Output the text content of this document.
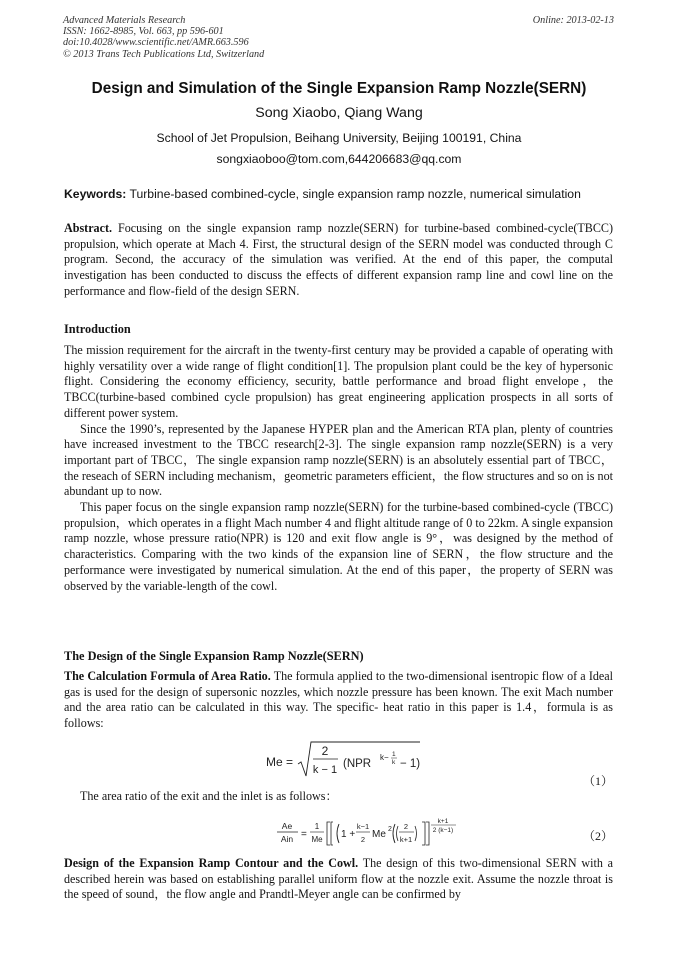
Advanced Materials Research
ISSN: 1662-8985, Vol. 663, pp 596-601
doi:10.4028/www.scientific.net/AMR.663.596
© 2013 Trans Tech Publications Ltd, Switzerland
Online: 2013-02-13
Design and Simulation of the Single Expansion Ramp Nozzle(SERN)
Song Xiaobo, Qiang Wang
School of Jet Propulsion, Beihang University, Beijing 100191, China
songxiaoboo@tom.com,644206683@qq.com
Keywords: Turbine-based combined-cycle, single expansion ramp nozzle, numerical simulation

Abstract. Focusing on the single expansion ramp nozzle(SERN) for turbine-based combined-cycle(TBCC) propulsion, which operate at Mach 4. First, the structural design of the SERN model was conducted through C program. Second, the accuracy of the simulation was verified. At the end of this paper, the computal investigation has been conducted to discuss the effects of different expansion ramp line and cowl line on the performance and flow-field of the design SERN.

Introduction

The mission requirement for the aircraft in the twenty-first century may be provided a capable of operating with highly versatility over a wide range of flight condition[1]. The propulsion plant could be the key of hypersonic flight. Considering the economy efficiency, security, battle performance and broad flight envelope，the TBCC(turbine-based combined cycle propulsion) has great engineering application prospects in all sorts of different power system.

Since the 1990’s, represented by the Japanese HYPER plan and the American RTA plan, plenty of countries have increased investment to the TBCC research[2-3]. The single expansion ramp nozzle(SERN) is a very important part of TBCC，The single expansion ramp nozzle(SERN) is an absolutely essential part of TBCC，the reseach of SERN including mechanism，geometric parameters efficient，the flow structures and so on is not abundant up to now.

This paper focus on the single expansion ramp nozzle(SERN) for the turbine-based combined-cycle (TBCC) propulsion，which operates in a flight Mach number 4 and flight altitude range of 0 to 22km. A single expansion ramp nozzle, whose pressure ratio(NPR) is 120 and exit flow angle is 9°，was designed by the method of characteristics. Comparing with the two kinds of the expansion line of SERN，the flow structure and the performance were investigated by numerical simulation. At the end of this paper，the property of SERN was observed by the variable-length of the cowl.

The Design of the Single Expansion Ramp Nozzle(SERN)

The Calculation Formula of Area Ratio. The formula applied to the two-dimensional isentropic flow of a Ideal gas is used for the design of supersonic nozzles, which nozzle pressure has been known. The exit Mach number and the area ratio can be calculated in this way. The specific- heat ratio in this paper is 1.4，formula is as follows:

Me =
2
k − 1 (NPR
k− 1
k − 1)
（1）
The area ratio of the exit and the inlet is as follows：
Ae
Ain =
1
Me 1 +
k−1
2 Me 2 2
k+1
k+1
2 (k−1)	（2）

Design of the Expansion Ramp Contour and the Cowl. The design of this two-dimensional SERN with a described herein was based on establishing parallel uniform flow at the nozzle exit. Assume the nozzle throat is the speed of sound，the flow angle and Prandtl-Meyer angle can be confirmed by
